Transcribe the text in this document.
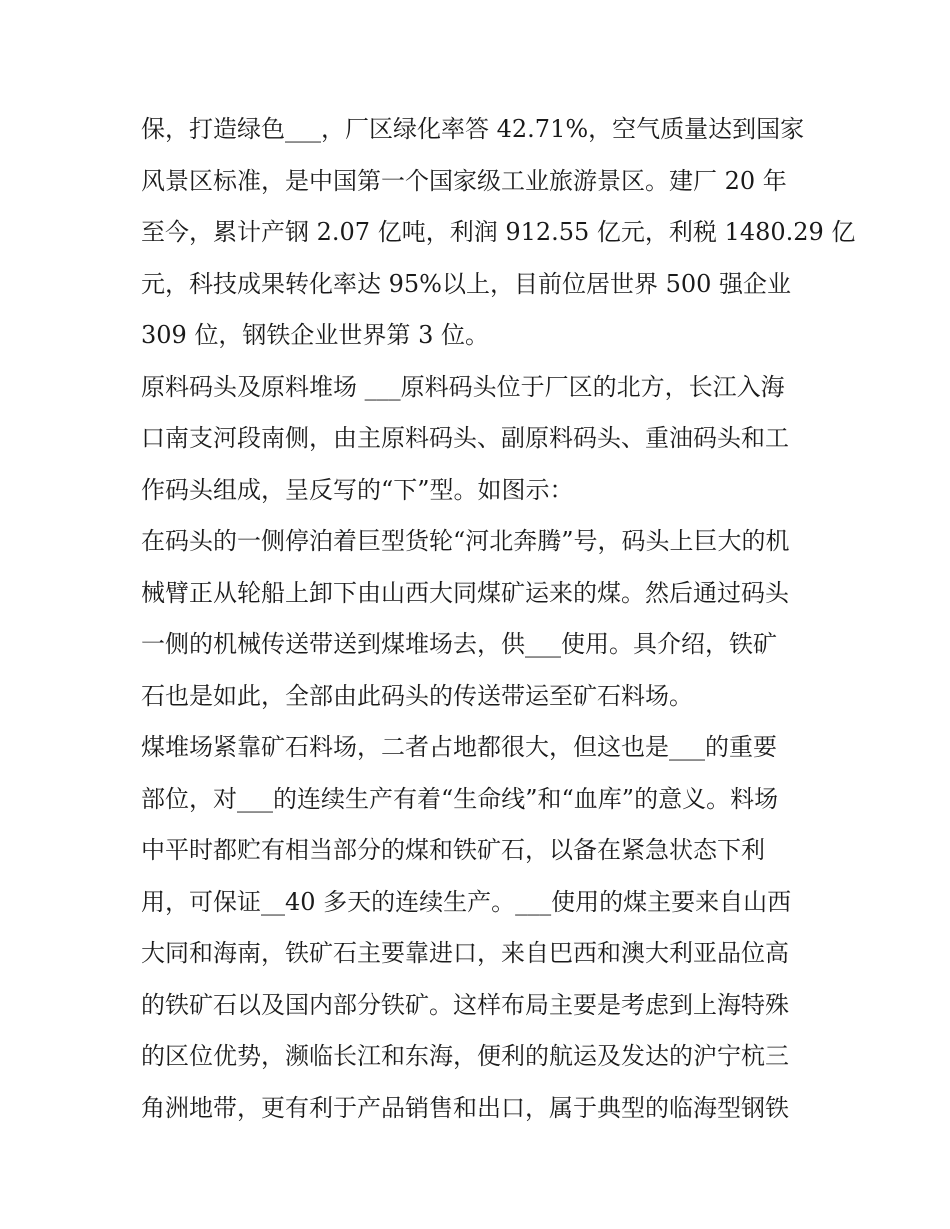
保，打造绿色___，厂区绿化率答 42.71%，空气质量达到国家
风景区标准，是中国第一个国家级工业旅游景区。建厂 20 年
至今，累计产钢 2.07 亿吨，利润 912.55 亿元，利税 1480.29 亿
元，科技成果转化率达 95%以上，目前位居世界 500 强企业
309 位，钢铁企业世界第 3 位。
原料码头及原料堆场 ___原料码头位于厂区的北方，长江入海
口南支河段南侧，由主原料码头、副原料码头、重油码头和工
作码头组成，呈反写的“下”型。如图示：
在码头的一侧停泊着巨型货轮“河北奔腾”号，码头上巨大的机
械臂正从轮船上卸下由山西大同煤矿运来的煤。然后通过码头
一侧的机械传送带送到煤堆场去，供___使用。具介绍，铁矿
石也是如此，全部由此码头的传送带运至矿石料场。
煤堆场紧靠矿石料场，二者占地都很大，但这也是___的重要
部位，对___的连续生产有着“生命线”和“血库”的意义。料场
中平时都贮有相当部分的煤和铁矿石，以备在紧急状态下利
用，可保证__40 多天的连续生产。___使用的煤主要来自山西
大同和海南，铁矿石主要靠进口，来自巴西和澳大利亚品位高
的铁矿石以及国内部分铁矿。这样布局主要是考虑到上海特殊
的区位优势，濒临长江和东海，便利的航运及发达的沪宁杭三
角洲地带，更有利于产品销售和出口，属于典型的临海型钢铁
